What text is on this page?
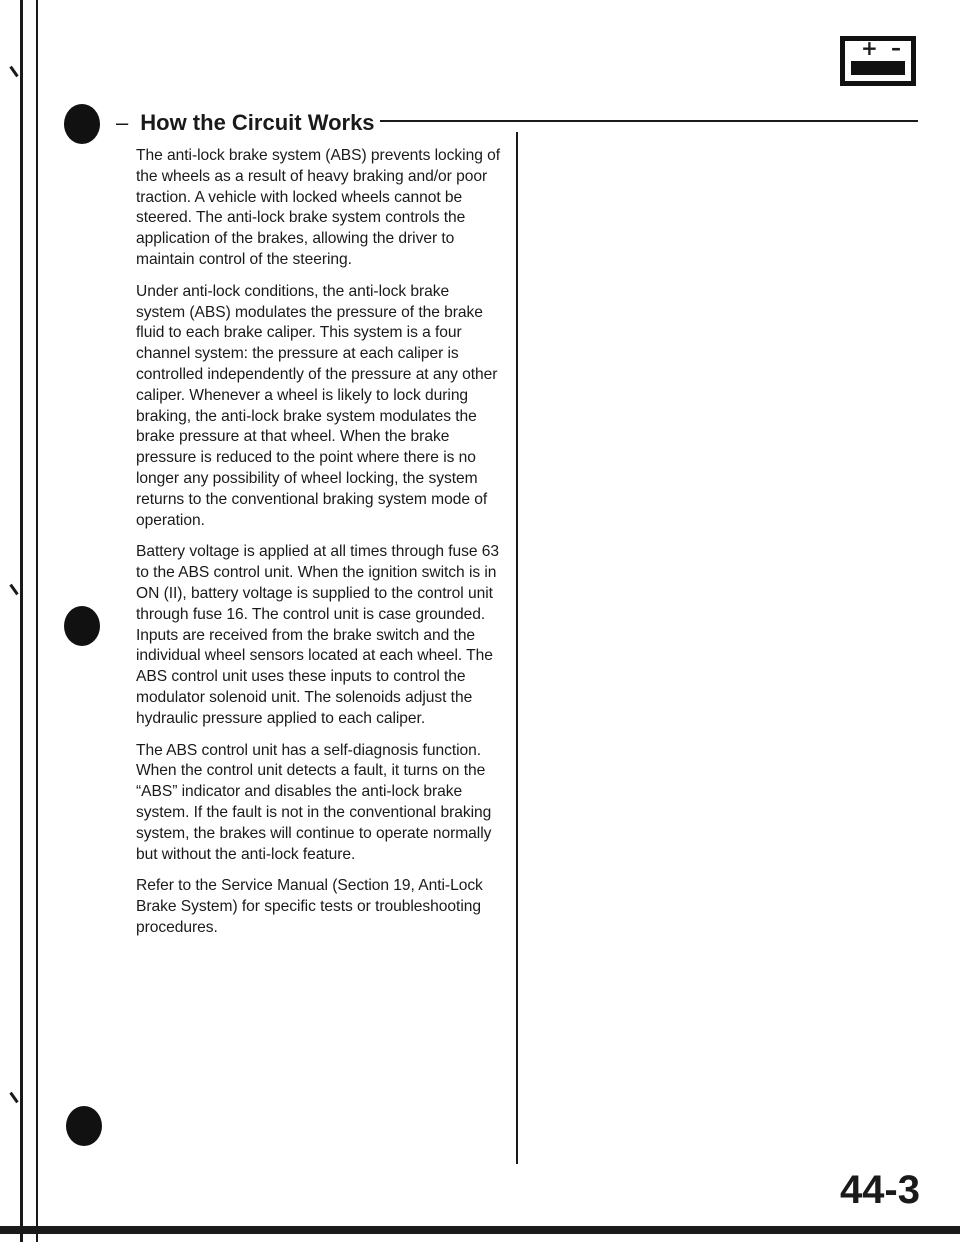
+ –
– How the Circuit Works

The anti-lock brake system (ABS) prevents locking of the wheels as a result of heavy braking and/or poor traction. A vehicle with locked wheels cannot be steered. The anti-lock brake system controls the application of the brakes, allowing the driver to maintain control of the steering.

Under anti-lock conditions, the anti-lock brake system (ABS) modulates the pressure of the brake fluid to each brake caliper. This system is a four channel system: the pressure at each caliper is controlled independently of the pressure at any other caliper. Whenever a wheel is likely to lock during braking, the anti-lock brake system modulates the brake pressure at that wheel. When the brake pressure is reduced to the point where there is no longer any possibility of wheel locking, the system returns to the conventional braking system mode of operation.

Battery voltage is applied at all times through fuse 63 to the ABS control unit. When the ignition switch is in ON (II), battery voltage is supplied to the control unit through fuse 16. The control unit is case grounded. Inputs are received from the brake switch and the individual wheel sensors located at each wheel. The ABS control unit uses these inputs to control the modulator solenoid unit. The solenoids adjust the hydraulic pressure applied to each caliper.

The ABS control unit has a self-diagnosis function. When the control unit detects a fault, it turns on the “ABS” indicator and disables the anti-lock brake system. If the fault is not in the conventional braking system, the brakes will continue to operate normally but without the anti-lock feature.

Refer to the Service Manual (Section 19, Anti-Lock Brake System) for specific tests or troubleshooting procedures.

44-3
